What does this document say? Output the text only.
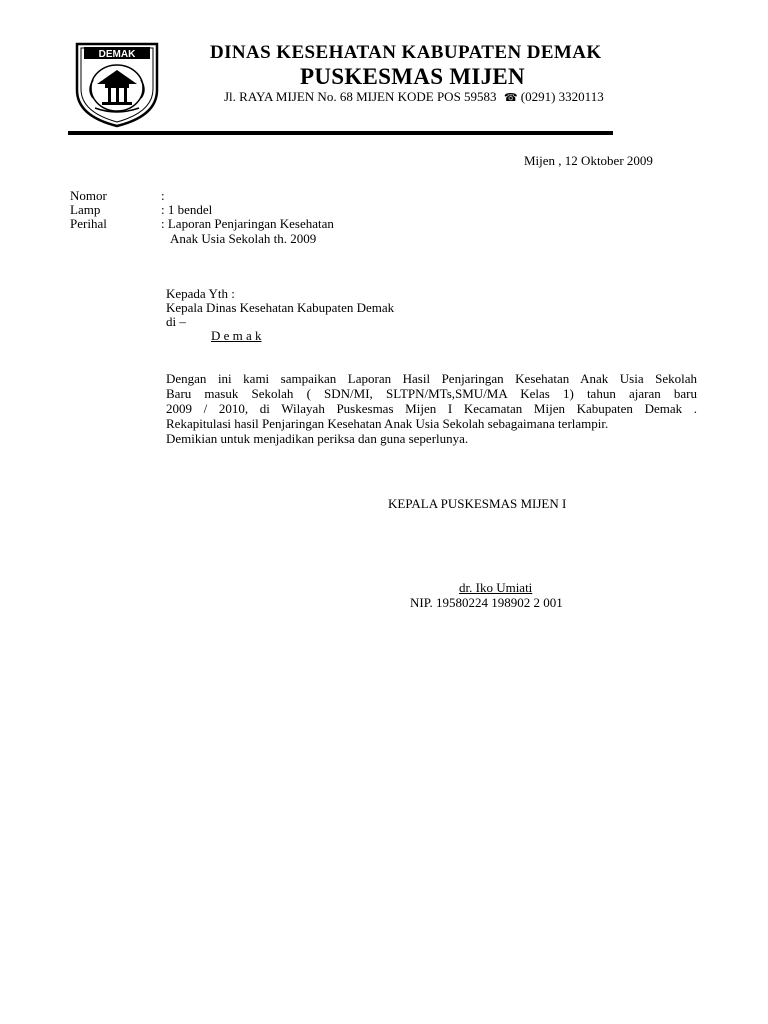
DEMAK	DINAS KESEHATAN KABUPATEN DEMAK
PUSKESMAS MIJEN
Jl. RAYA MIJEN No. 68 MIJEN KODE POS 59583 ☎ (0291) 3320113
Mijen , 12 Oktober 2009
Nomor	:
Lamp	: 1 bendel
Perihal	: Laporan Penjaringan Kesehatan
Anak Usia Sekolah th. 2009
Kepada Yth :
Kepala Dinas Kesehatan Kabupaten Demak
di –
D e m a k
Dengan ini kami sampaikan Laporan Hasil Penjaringan Kesehatan Anak Usia Sekolah
Baru masuk Sekolah ( SDN/MI, SLTPN/MTs,SMU/MA Kelas 1) tahun ajaran baru
2009 / 2010, di Wilayah Puskesmas Mijen I Kecamatan Mijen Kabupaten Demak .
Rekapitulasi hasil Penjaringan Kesehatan Anak Usia Sekolah sebagaimana terlampir.
Demikian untuk menjadikan periksa dan guna seperlunya.
KEPALA PUSKESMAS MIJEN I
dr. Iko Umiati
NIP. 19580224 198902 2 001
